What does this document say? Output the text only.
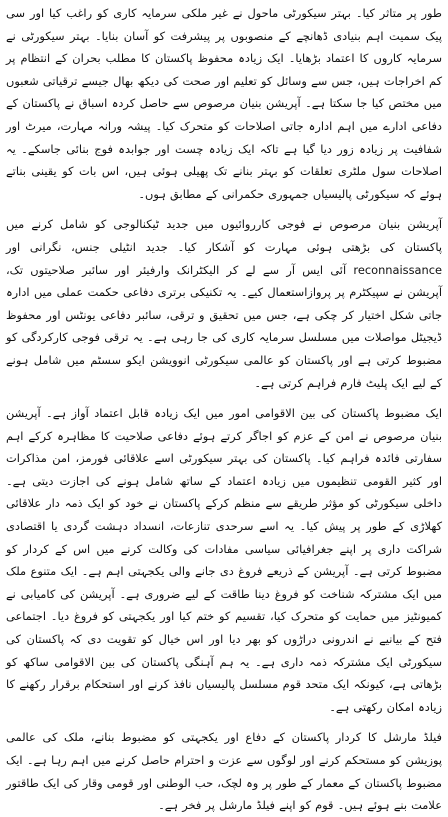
طور پر متاثر کیا۔ بہتر سیکورٹی ماحول نے غیر ملکی سرمایہ کاری کو راغب کیا اور سی پیک سمیت اہم بنیادی ڈھانچے کے منصوبوں پر پیشرفت کو آسان بنایا۔ بہتر سیکورٹی نے سرمایہ کاروں کا اعتماد بڑھایا۔ ایک زیادہ محفوظ پاکستان کا مطلب بحران کے انتظام پر کم اخراجات ہیں، جس سے وسائل کو تعلیم اور صحت کی دیکھ بھال جیسے ترقیاتی شعبوں میں مختص کیا جا سکتا ہے۔ آپریشن بنیان مرصوص سے حاصل کردہ اسباق نے پاکستان کے دفاعی ادارے میں اہم ادارہ جاتی اصلاحات کو متحرک کیا۔ پیشہ ورانہ مہارت، میرٹ اور شفافیت پر زیادہ زور دیا گیا ہے تاکہ ایک زیادہ چست اور جوابدہ فوج بنائی جاسکے۔ یہ اصلاحات سول ملٹری تعلقات کو بہتر بنانے تک پھیلی ہوئی ہیں، اس بات کو یقینی بناتے ہوئے کہ سیکورٹی پالیسیاں جمہوری حکمرانی کے مطابق ہوں۔

آپریشن بنیان مرصوص نے فوجی کارروائیوں میں جدید ٹیکنالوجی کو شامل کرنے میں پاکستان کی بڑھتی ہوئی مہارت کو آشکار کیا۔ جدید انٹیلی جنس، نگرانی اور reconnaissance آئی ایس آر سے لے کر الیکٹرانک وارفیئر اور سائبر صلاحیتوں تک، آپریشن نے سپیکٹرم پر پروازاستعمال کیے۔ یہ تکنیکی برتری دفاعی حکمت عملی میں ادارہ جاتی شکل اختیار کر چکی ہے، جس میں تحقیق و ترقی، سائبر دفاعی یونٹس اور محفوظ ڈیجیٹل مواصلات میں مسلسل سرمایہ کاری کی جا رہی ہے۔ یہ ترقی فوجی کارکردگی کو مضبوط کرتی ہے اور پاکستان کو عالمی سیکورٹی انوویشن ایکو سسٹم میں شامل ہونے کے لیے ایک پلیٹ فارم فراہم کرتی ہے۔

ایک مضبوط پاکستان کی بین الاقوامی امور میں ایک زیادہ قابل اعتماد آواز ہے۔ آپریشن بنیان مرصوص نے امن کے عزم کو اجاگر کرتے ہوئے دفاعی صلاحیت کا مظاہرہ کرکے اہم سفارتی فائدہ فراہم کیا۔ پاکستان کی بہتر سیکورٹی اسے علاقائی فورمز، امن مذاکرات اور کثیر القومی تنظیموں میں زیادہ اعتماد کے ساتھ شامل ہونے کی اجازت دیتی ہے۔ داخلی سیکورٹی کو مؤثر طریقے سے منظم کرکے پاکستان نے خود کو ایک ذمہ دار علاقائی کھلاڑی کے طور پر پیش کیا۔ یہ اسے سرحدی تنازعات، انسداد دہشت گردی یا اقتصادی شراکت داری پر اپنے جغرافیائی سیاسی مفادات کی وکالت کرنے میں اس کے کردار کو مضبوط کرتی ہے۔ آپریشن کے ذریعے فروغ دی جانے والی یکجہتی اہم ہے۔ ایک متنوع ملک میں ایک مشترکہ شناخت کو فروغ دینا طاقت کے لیے ضروری ہے۔ آپریشن کی کامیابی نے کمیونٹیز میں حمایت کو متحرک کیا، تقسیم کو ختم کیا اور یکجہتی کو فروغ دیا۔ اجتماعی فتح کے بیانیے نے اندرونی دراڑوں کو بھر دیا اور اس خیال کو تقویت دی کہ پاکستان کی سیکورٹی ایک مشترکہ ذمہ داری ہے۔ یہ ہم آہنگی پاکستان کی بین الاقوامی ساکھ کو بڑھاتی ہے، کیونکہ ایک متحد قوم مسلسل پالیسیاں نافذ کرنے اور استحکام برقرار رکھنے کا زیادہ امکان رکھتی ہے۔

فیلڈ مارشل کا کردار پاکستان کے دفاع اور یکجہتی کو مضبوط بنانے، ملک کی عالمی پوزیشن کو مستحکم کرنے اور لوگوں سے عزت و احترام حاصل کرنے میں اہم رہا ہے۔ ایک مضبوط پاکستان کے معمار کے طور پر وہ لچک، حب الوطنی اور قومی وقار کی ایک طاقتور علامت بنے ہوئے ہیں۔ قوم کو اپنے فیلڈ مارشل پر فخر ہے۔
